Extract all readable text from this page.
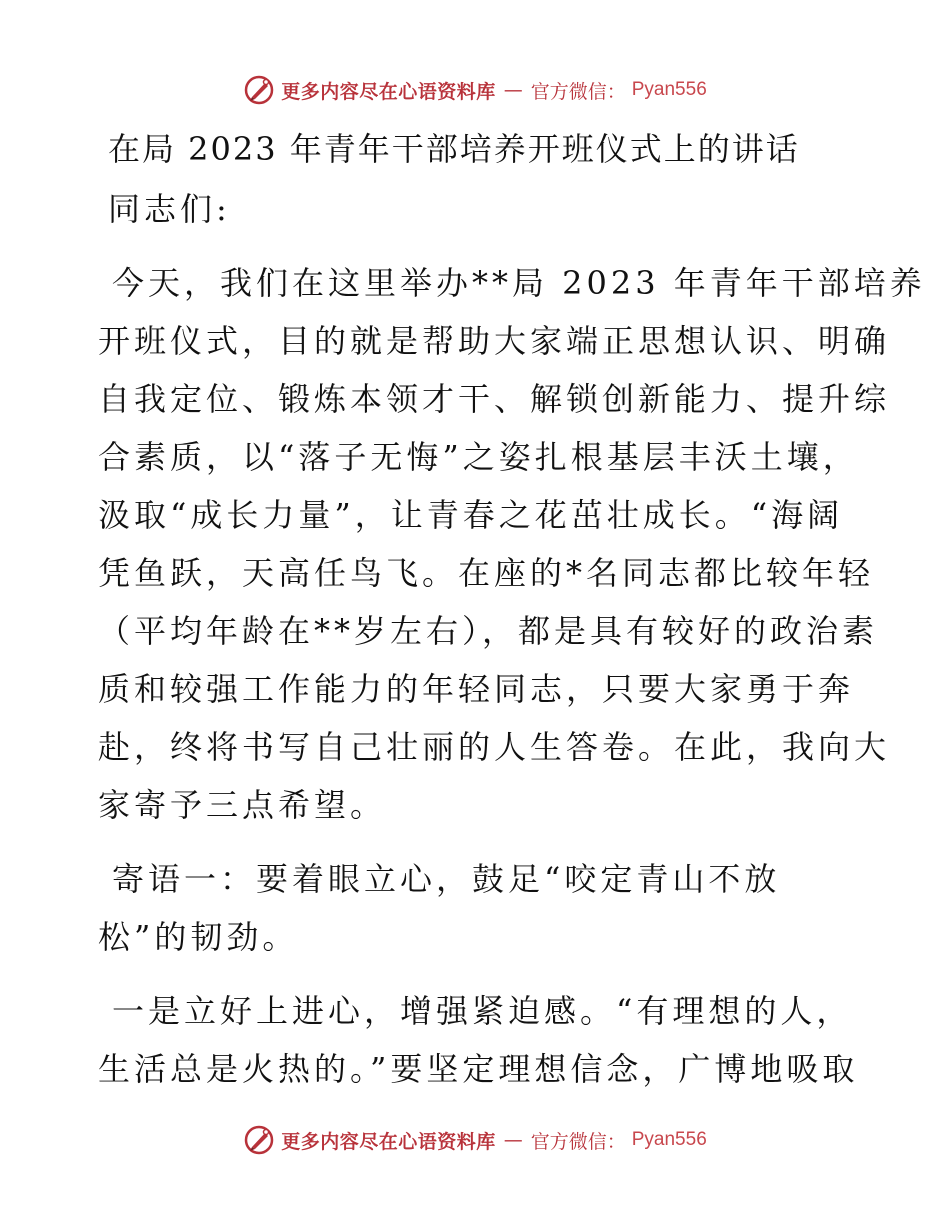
更多内容尽在心语资料库 — 官方微信： Pyan556

在局 2023 年青年干部培养开班仪式上的讲话

同志们:

今天，我们在这里举办**局 2023 年青年干部培养

开班仪式，目的就是帮助大家端正思想认识、明确

自我定位、锻炼本领才干、解锁创新能力、提升综

合素质，以“落子无悔”之姿扎根基层丰沃土壤，

汲取“成长力量”，让青春之花茁壮成长。“海阔

凭鱼跃，天高任鸟飞。在座的*名同志都比较年轻

（平均年龄在**岁左右），都是具有较好的政治素

质和较强工作能力的年轻同志，只要大家勇于奔

赴，终将书写自己壮丽的人生答卷。在此，我向大

家寄予三点希望。

寄语一：要着眼立心，鼓足“咬定青山不放

松”的韧劲。

一是立好上进心，增强紧迫感。“有理想的人，

生活总是火热的。”要坚定理想信念，广博地吸取

更多内容尽在心语资料库 — 官方微信： Pyan556
